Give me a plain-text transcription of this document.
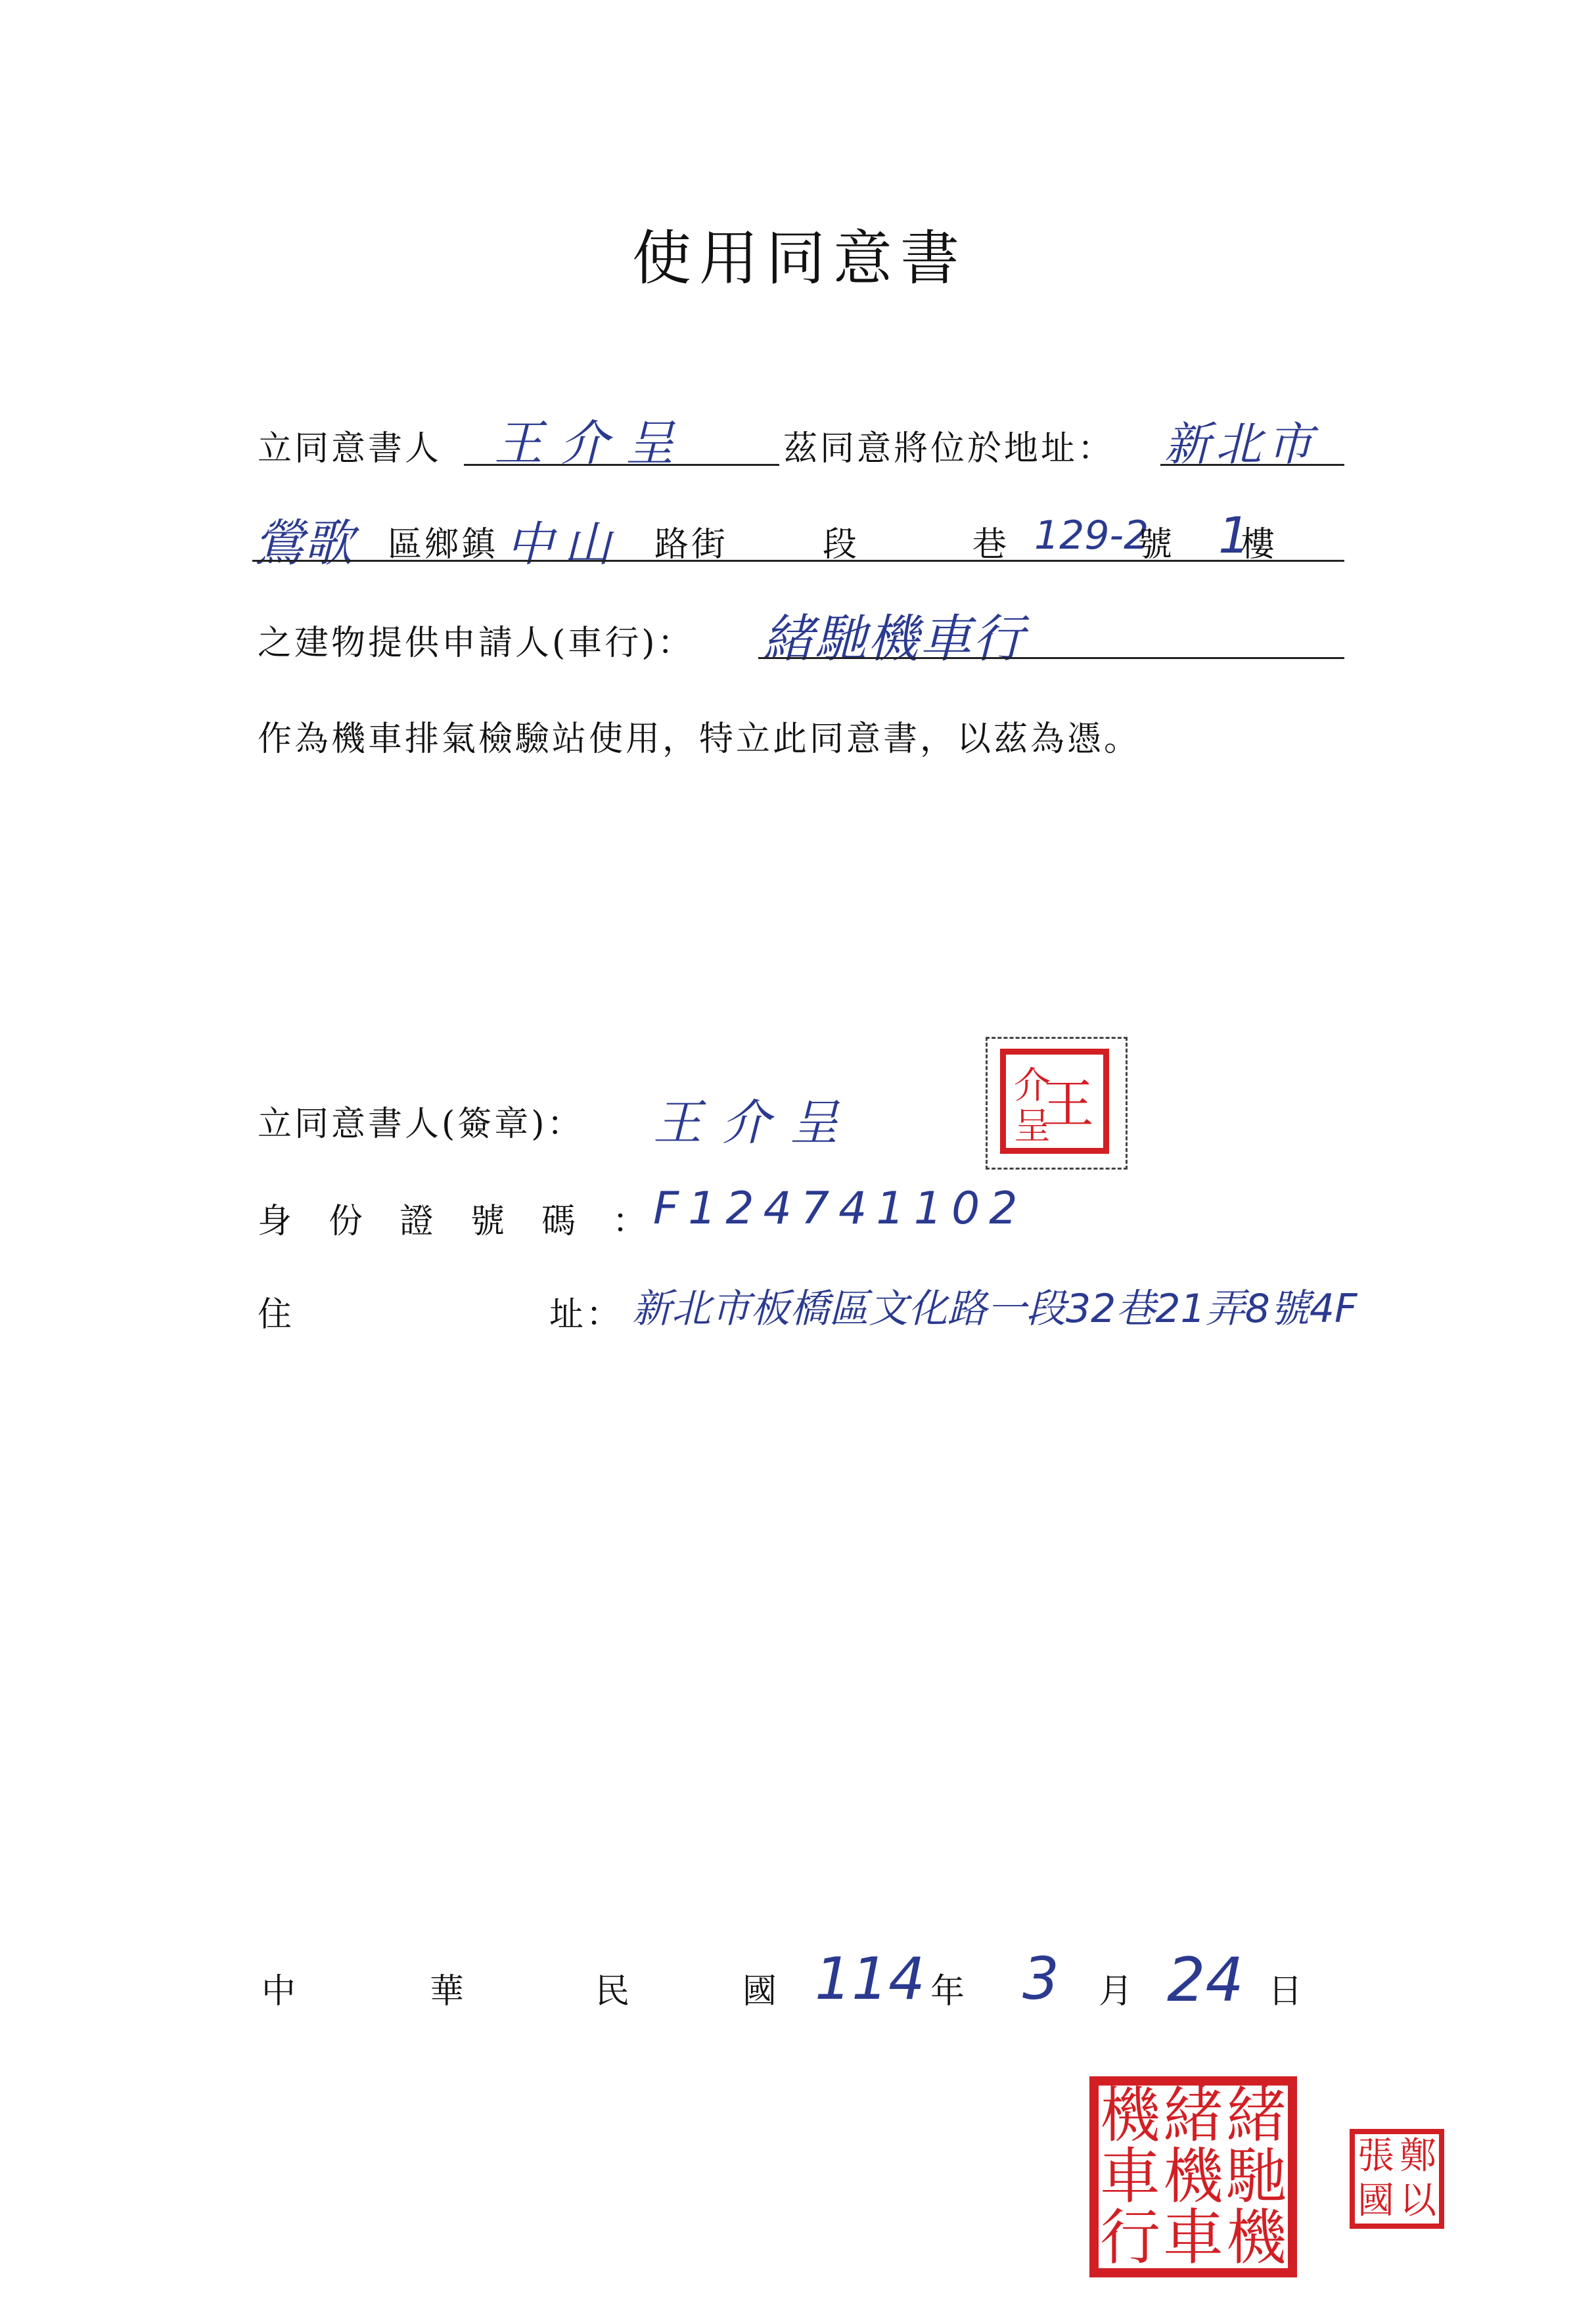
使用同意書
立同意書人 王介呈	茲同意將位於地址： 新北市
鶯歌 區鄉鎮 中山 路街	段	巷 129-2
號 1
樓
之建物提供申請人(車行)： 緒馳機車行
作為機車排氣檢驗站使用，特立此同意書，以茲為憑。
立同意書人(簽章)： 王介呈	王
介
呈
身份證號碼：
F124741102
住	址： 新北市板橋區文化路一段32巷21弄8號4F
中	華	民	國 114 年 3 月 24 日
機 緒 緒
車 機 馳
行 車 機
張 鄭
國 以
